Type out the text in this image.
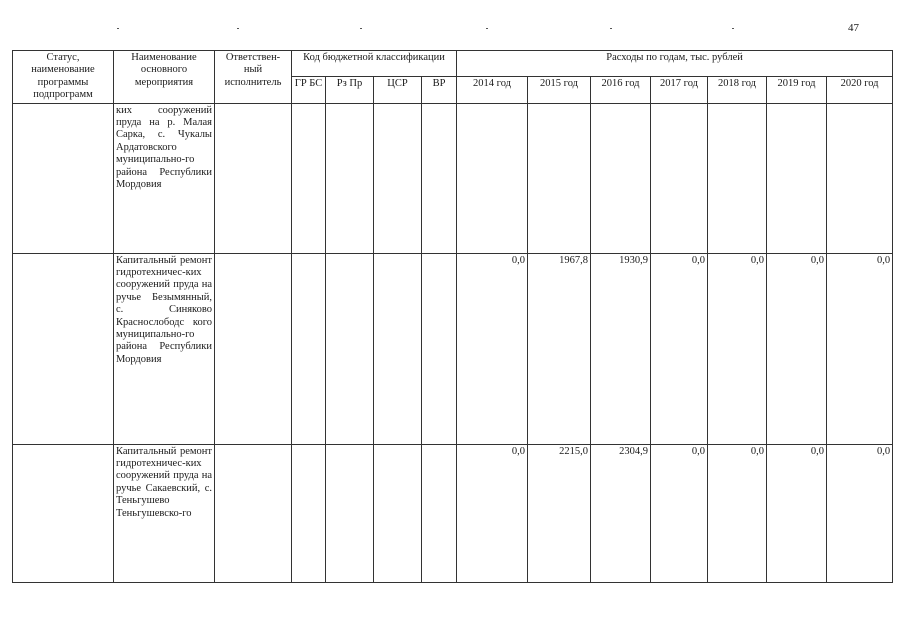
47
Статус, наименование программы подпрограмм	Наименование основного мероприятия	Ответствен-ный исполнитель	Код бюджетной классификации				Расходы по годам, тыс. рублей						
			ГР БС	Рз Пр	ЦСР	ВР	2014 год	2015 год	2016 год	2017 год	2018 год	2019 год	2020 год
	ких сооружений пруда на р. Малая Сарка, с. Чукалы Ардатовского муниципально-го района Республики Мордовия												
	Капитальный ремонт гидротехничес-ких сооружений пруда на ручье Безымянный, с. Синяково Краснослободс кого муниципально-го района Республики Мордовия						0,0	1967,8	1930,9	0,0	0,0	0,0	0,0
	Капитальный ремонт гидротехничес-ких сооружений пруда на ручье Сакаевский, с. Теньгушево Теньгушевско-го						0,0	2215,0	2304,9	0,0	0,0	0,0	0,0
